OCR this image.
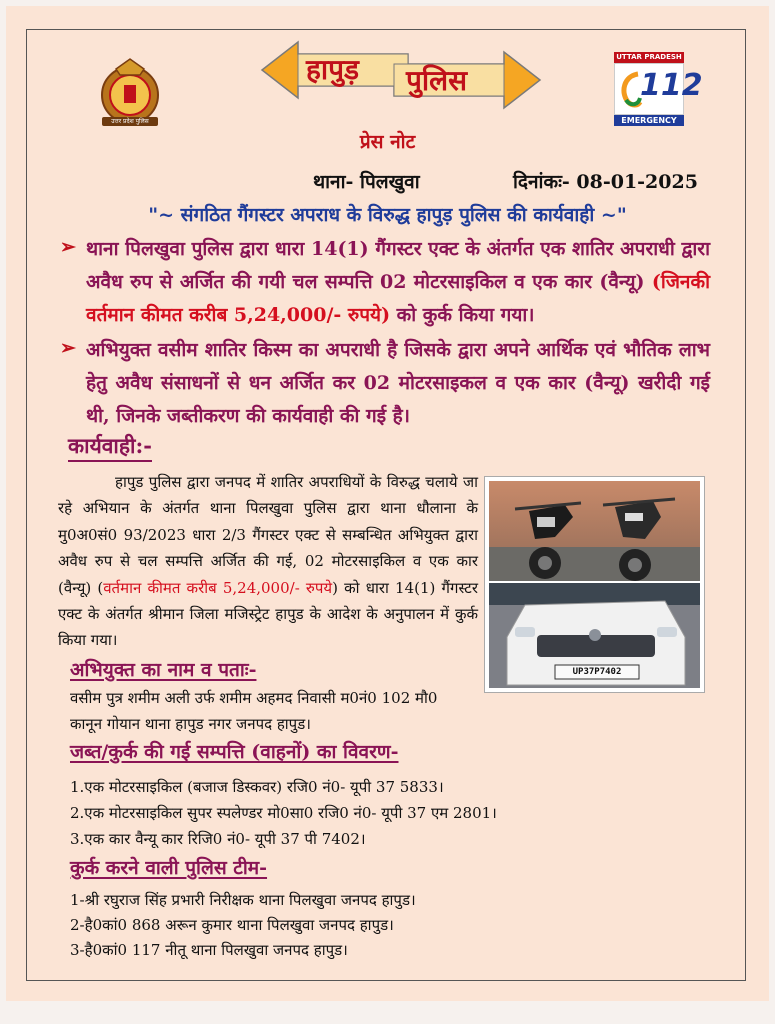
उत्तर प्रदेश पुलिस
हापुड़ पुलिस
UTTAR PRADESH
112
EMERGENCY
प्रेस नोट
थाना- पिलखुवा	दिनांकः- 08-01-2025
"~ संगठित गैंगस्टर अपराध के विरुद्ध हापुड़ पुलिस की कार्यवाही ~"
➢ थाना पिलखुवा पुलिस द्वारा धारा 14(1) गैंगस्टर एक्ट के अंतर्गत एक शातिर अपराधी द्वारा अवैध रुप से अर्जित की गयी चल सम्पत्ति 02 मोटरसाइकिल व एक कार (वैन्यू) (जिनकी वर्तमान कीमत करीब 5,24,000/- रुपये) को कुर्क किया गया।
➢ अभियुक्त वसीम शातिर किस्म का अपराधी है जिसके द्वारा अपने आर्थिक एवं भौतिक लाभ हेतु अवैध संसाधनों से धन अर्जित कर 02 मोटरसाइकल व एक कार (वैन्यू) खरीदी गई थी, जिनके जब्तीकरण की कार्यवाही की गई है।
कार्यवाही:-
हापुड पुलिस द्वारा जनपद में शातिर अपराधियों के विरुद्ध चलाये जा रहे अभियान के अंतर्गत थाना पिलखुवा पुलिस द्वारा थाना धौलाना के मु0अ0सं0 93/2023 धारा 2/3 गैंगस्टर एक्ट से सम्बन्धित अभियुक्त द्वारा अवैध रुप से चल सम्पत्ति अर्जित की गई, 02 मोटरसाइकिल व एक कार (वैन्यू) (वर्तमान कीमत करीब 5,24,000/- रुपये) को धारा 14(1) गैंगस्टर एक्ट के अंतर्गत श्रीमान जिला मजिस्ट्रेट हापुड के आदेश के अनुपालन में कुर्क किया गया।
UP37P7402
अभियुक्त का नाम व पताः-
वसीम पुत्र शमीम अली उर्फ शमीम अहमद निवासी म0नं0 102 मौ0
कानून गोयान थाना हापुड नगर जनपद हापुड।
जब्त/कुर्क की गई सम्पत्ति (वाहनों) का विवरण-
1.एक मोटरसाइकिल (बजाज डिस्कवर) रजि0 नं0- यूपी 37 5833।
2.एक मोटरसाइकिल सुपर स्पलेण्डर मो0सा0 रजि0 नं0- यूपी 37 एम 2801।
3.एक कार वैन्यू कार रिजि0 नं0- यूपी 37 पी 7402।
कुर्क करने वाली पुलिस टीम-
1-श्री रघुराज सिंह प्रभारी निरीक्षक थाना पिलखुवा जनपद हापुड।
2-है0कां0 868 अरून कुमार थाना पिलखुवा जनपद हापुड।
3-है0कां0 117 नीतू थाना पिलखुवा जनपद हापुड।
